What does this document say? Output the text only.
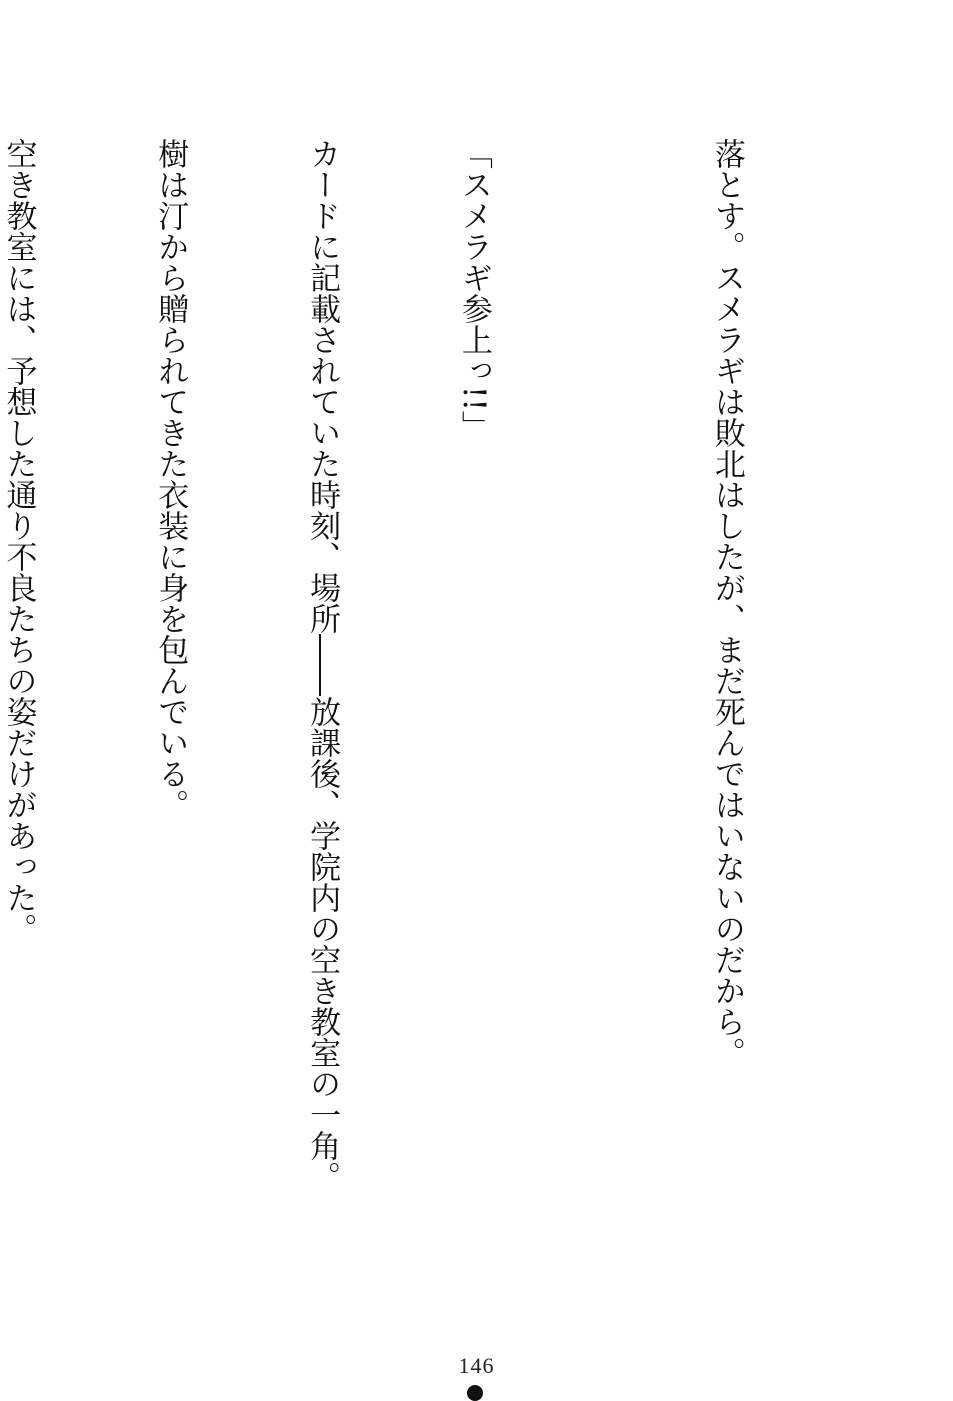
落とす。スメラギは敗北はしたが、まだ死んではいないのだから。

「スメラギ参上っ!!」

カードに記載されていた時刻、場所――放課後、学院内の空き教室の一角。

樹は汀から贈られてきた衣装に身を包んでいる。

空き教室には、予想した通り不良たちの姿だけがあった。

146
